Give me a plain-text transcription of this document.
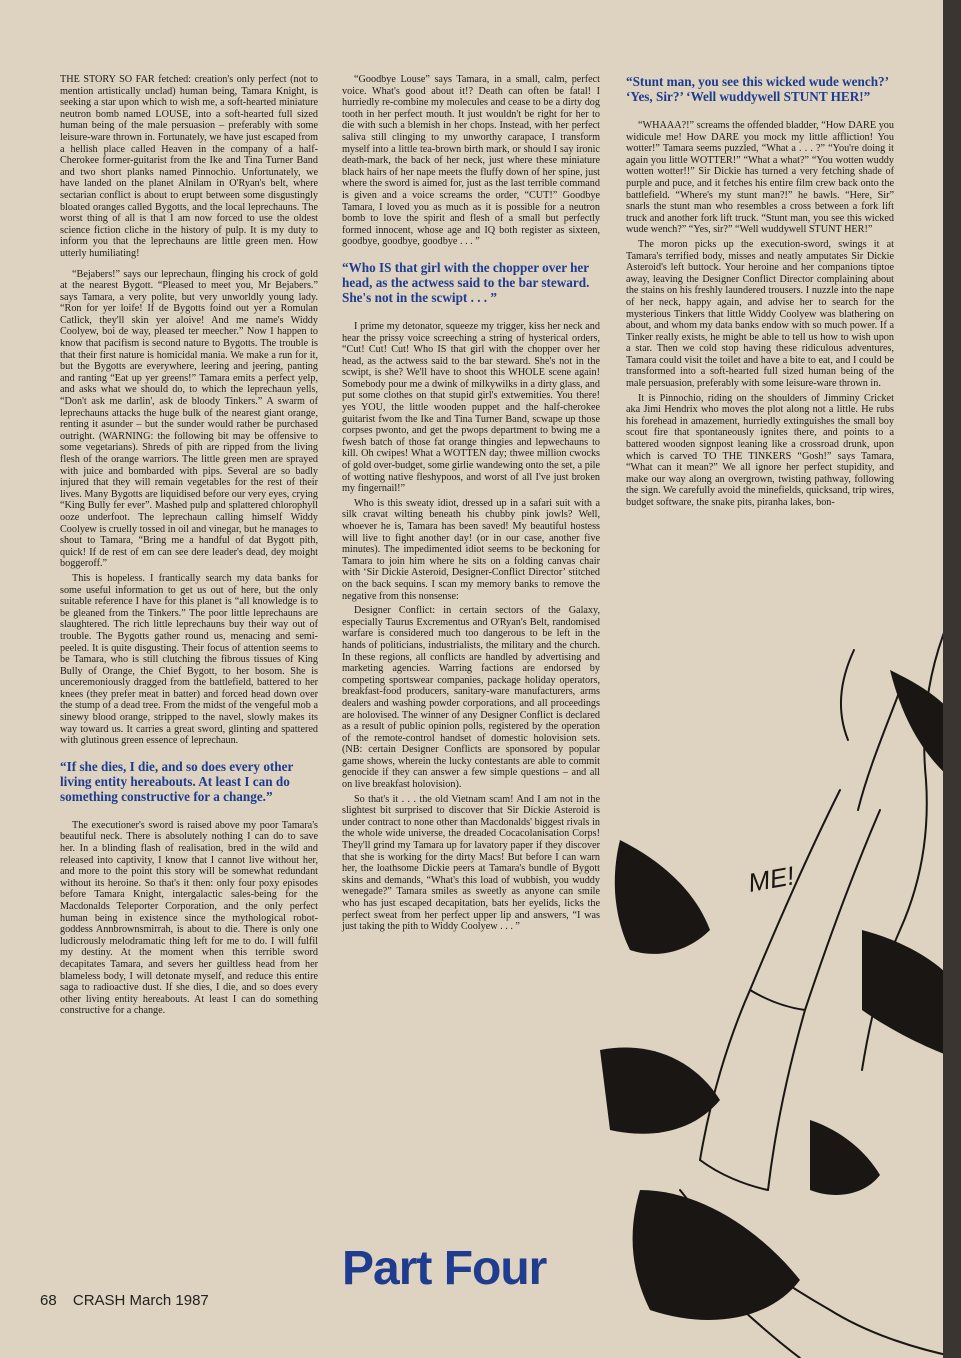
THE STORY SO FAR fetched: creation's only perfect (not to mention artistically unclad) human being, Tamara Knight, is seeking a star upon which to wish me, a soft-hearted miniature neutron bomb named LOUSE, into a soft-hearted full sized human being of the male persuasion – preferably with some leisure-ware thrown in. Fortunately, we have just escaped from a hellish place called Heaven in the company of a half-Cherokee former-guitarist from the Ike and Tina Turner Band and two short planks named Pinnochio. Unfortunately, we have landed on the planet Alnilam in O'Ryan's belt, where sectarian conflict is about to erupt between some disgustingly bloated oranges called Bygotts, and the local leprechauns. The worst thing of all is that I am now forced to use the oldest science fiction cliche in the history of pulp. It is my duty to inform you that the leprechauns are little green men. How utterly humiliating!

“Bejabers!” says our leprechaun, flinging his crock of gold at the nearest Bygott. “Pleased to meet you, Mr Bejabers.” says Tamara, a very polite, but very unworldly young lady. “Ron for yer loife! If de Bygotts foind out yer a Romulan Catlick, they'll skin yer aloive! And me name's Widdy Coolyew, boi de way, pleased ter meecher.” Now I happen to know that pacifism is second nature to Bygotts. The trouble is that their first nature is homicidal mania. We make a run for it, but the Bygotts are everywhere, leering and jeering, panting and ranting “Eat up yer greens!” Tamara emits a perfect yelp, and asks what we should do, to which the leprechaun yells, “Don't ask me darlin', ask de bloody Tinkers.” A swarm of leprechauns attacks the huge bulk of the nearest giant orange, renting it asunder – but the sunder would rather be purchased outright. (WARNING: the following bit may be offensive to some vegetarians). Shreds of pith are ripped from the living flesh of the orange warriors. The little green men are sprayed with juice and bombarded with pips. Several are so badly injured that they will remain vegetables for the rest of their lives. Many Bygotts are liquidised before our very eyes, crying “King Bully fer ever”. Mashed pulp and splattered chlorophyll ooze underfoot. The leprechaun calling himself Widdy Coolyew is cruelly tossed in oil and vinegar, but he manages to shout to Tamara, “Bring me a handful of dat Bygott pith, quick! If de rest of em can see dere leader's dead, dey moight boggeroff.”

This is hopeless. I frantically search my data banks for some useful information to get us out of here, but the only suitable reference I have for this planet is “all knowledge is to be gleaned from the Tinkers.” The poor little leprechauns are slaughtered. The rich little leprechauns buy their way out of trouble. The Bygotts gather round us, menacing and semi-peeled. It is quite disgusting. Their focus of attention seems to be Tamara, who is still clutching the fibrous tissues of King Bully of Orange, the Chief Bygott, to her bosom. She is unceremoniously dragged from the battlefield, battered to her knees (they prefer meat in batter) and forced head down over the stump of a dead tree. From the midst of the vengeful mob a sinewy blood orange, stripped to the navel, slowly makes its way toward us. It carries a great sword, glinting and spattered with glutinous green essence of leprechaun.

“If she dies, I die, and so does every other living entity hereabouts. At least I can do something constructive for a change.”

The executioner's sword is raised above my poor Tamara's beautiful neck. There is absolutely nothing I can do to save her. In a blinding flash of realisation, bred in the wild and released into captivity, I know that I cannot live without her, and more to the point this story will be somewhat redundant without its heroine. So that's it then: only four poxy episodes before Tamara Knight, intergalactic sales-being for the Macdonalds Teleporter Corporation, and the only perfect human being in existence since the mythological robot-goddess Annbrownsmirrah, is about to die. There is only one ludicrously melodramatic thing left for me to do. I will fulfil my destiny. At the moment when this terrible sword decapitates Tamara, and severs her guiltless head from her blameless body, I will detonate myself, and reduce this entire saga to radioactive dust. If she dies, I die, and so does every other living entity hereabouts. At least I can do something constructive for a change.

“Goodbye Louse” says Tamara, in a small, calm, perfect voice. What's good about it!? Death can often be fatal! I hurriedly re-combine my molecules and cease to be a dirty dog tooth in her perfect mouth. It just wouldn't be right for her to die with such a blemish in her chops. Instead, with her perfect saliva still clinging to my unworthy carapace, I transform myself into a little tea-brown birth mark, or should I say ironic death-mark, the back of her neck, just where these miniature black hairs of her nape meets the fluffy down of her spine, just where the sword is aimed for, just as the last terrible command is given and a voice screams the order, “CUT!” Goodbye Tamara, I loved you as much as it is possible for a neutron bomb to love the spirit and flesh of a small but perfectly formed innocent, whose age and IQ both register as sixteen, goodbye, goodbye, goodbye . . . ”

“Who IS that girl with the chopper over her head, as the actwess said to the bar steward. She's not in the scwipt . . . ”

I prime my detonator, squeeze my trigger, kiss her neck and hear the prissy voice screeching a string of hysterical orders, “Cut! Cut! Cut! Who IS that girl with the chopper over her head, as the actwess said to the bar steward. She's not in the scwipt, is she? We'll have to shoot this WHOLE scene again! Somebody pour me a dwink of milkywilks in a dirty glass, and put some clothes on that stupid girl's extwemities. You there! yes YOU, the little wooden puppet and the half-cherokee guitarist fwom the Ike and Tina Turner Band, scwape up those corpses pwonto, and get the pwops department to bwing me a fwesh batch of those fat orange thingies and lepwechauns to kill. Oh cwipes! What a WOTTEN day; thwee million cwocks of gold over-budget, some girlie wandewing onto the set, a pile of wotting native fleshypoos, and worst of all I've just broken my fingernail!”

Who is this sweaty idiot, dressed up in a safari suit with a silk cravat wilting beneath his chubby pink jowls? Well, whoever he is, Tamara has been saved! My beautiful hostess will live to fight another day! (or in our case, another five minutes). The impedimented idiot seems to be beckoning for Tamara to join him where he sits on a folding canvas chair with ‘Sir Dickie Asteroid, Designer-Conflict Director’ stitched on the back sequins. I scan my memory banks to remove the negative from this nonsense:

Designer Conflict: in certain sectors of the Galaxy, especially Taurus Excrementus and O'Ryan's Belt, randomised warfare is considered much too dangerous to be left in the hands of politicians, industrialists, the military and the church. In these regions, all conflicts are handled by advertising and marketing agencies. Warring factions are endorsed by competing sportswear companies, package holiday operators, breakfast-food producers, sanitary-ware manufacturers, arms dealers and washing powder corporations, and all proceedings are holovised. The winner of any Designer Conflict is declared as a result of public opinion polls, registered by the operation of the remote-control handset of domestic holovision sets. (NB: certain Designer Conflicts are sponsored by popular game shows, wherein the lucky contestants are able to commit genocide if they can answer a few simple questions – and all on live breakfast holovision).

So that's it . . . the old Vietnam scam! And I am not in the slightest bit surprised to discover that Sir Dickie Asteroid is under contract to none other than Macdonalds' biggest rivals in the whole wide universe, the dreaded Cocacolanisation Corps! They'll grind my Tamara up for lavatory paper if they discover that she is working for the dirty Macs! But before I can warn her, the loathsome Dickie peers at Tamara's bundle of Bygott skins and demands, “What's this load of wubbish, you wuddy wenegade?” Tamara smiles as sweetly as anyone can smile who has just escaped decapitation, bats her eyelids, licks the perfect sweat from her perfect upper lip and answers, “I was just taking the pith to Widdy Coolyew . . . ”

“Stunt man, you see this wicked wude wench?’ ‘Yes, Sir?’ ‘Well wuddywell STUNT HER!”

“WHAAA?!” screams the offended bladder, “How DARE you widicule me! How DARE you mock my little affliction! You wotter!” Tamara seems puzzled, “What a . . . ?” “You're doing it again you little WOTTER!” “What a what?” “You wotten wuddy wotten wotter!!” Sir Dickie has turned a very fetching shade of purple and puce, and it fetches his entire film crew back onto the battlefield. “Where's my stunt man?!” he bawls. “Here, Sir” snarls the stunt man who resembles a cross between a fork lift truck and another fork lift truck. “Stunt man, you see this wicked wude wench?” “Yes, sir?” “Well wuddywell STUNT HER!”

The moron picks up the execution-sword, swings it at Tamara's terrified body, misses and neatly amputates Sir Dickie Asteroid's left buttock. Your heroine and her companions tiptoe away, leaving the Designer Conflict Director complaining about the stains on his freshly laundered trousers. I nuzzle into the nape of her neck, happy again, and advise her to search for the mysterious Tinkers that little Widdy Coolyew was blathering on about, and whom my data banks endow with so much power. If a Tinker really exists, he might be able to tell us how to wish upon a star. Then we cold stop having these ridiculous adventures, Tamara could visit the toilet and have a bite to eat, and I could be transformed into a soft-hearted full sized human being of the male persuasion, preferably with some leisure-ware thrown in.

It is Pinnochio, riding on the shoulders of Jimminy Cricket aka Jimi Hendrix who moves the plot along not a little. He rubs his forehead in amazement, hurriedly extinguishes the small boy scout fire that spontaneously ignites there, and points to a battered wooden signpost leaning like a crossroad drunk, upon which is carved TO THE TINKERS “Gosh!” says Tamara, “What can it mean?” We all ignore her perfect stupidity, and make our way along an overgrown, twisting pathway, following the sign. We carefully avoid the minefields, quicksand, trip wires, budget software, the snake pits, piranha lakes, bon-

ME!
Part Four
68 CRASH March 1987
